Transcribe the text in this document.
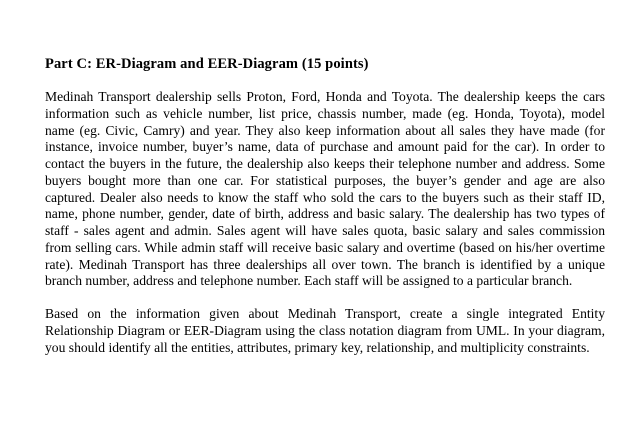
Part C: ER-Diagram and EER-Diagram (15 points)

Medinah Transport dealership sells Proton, Ford, Honda and Toyota. The dealership keeps the cars information such as vehicle number, list price, chassis number, made (eg. Honda, Toyota), model name (eg. Civic, Camry) and year. They also keep information about all sales they have made (for instance, invoice number, buyer’s name, data of purchase and amount paid for the car). In order to contact the buyers in the future, the dealership also keeps their telephone number and address. Some buyers bought more than one car. For statistical purposes, the buyer’s gender and age are also captured. Dealer also needs to know the staff who sold the cars to the buyers such as their staff ID, name, phone number, gender, date of birth, address and basic salary. The dealership has two types of staff - sales agent and admin. Sales agent will have sales quota, basic salary and sales commission from selling cars. While admin staff will receive basic salary and overtime (based on his/her overtime rate). Medinah Transport has three dealerships all over town. The branch is identified by a unique branch number, address and telephone number. Each staff will be assigned to a particular branch.

Based on the information given about Medinah Transport, create a single integrated Entity Relationship Diagram or EER-Diagram using the class notation diagram from UML. In your diagram, you should identify all the entities, attributes, primary key, relationship, and multiplicity constraints.
